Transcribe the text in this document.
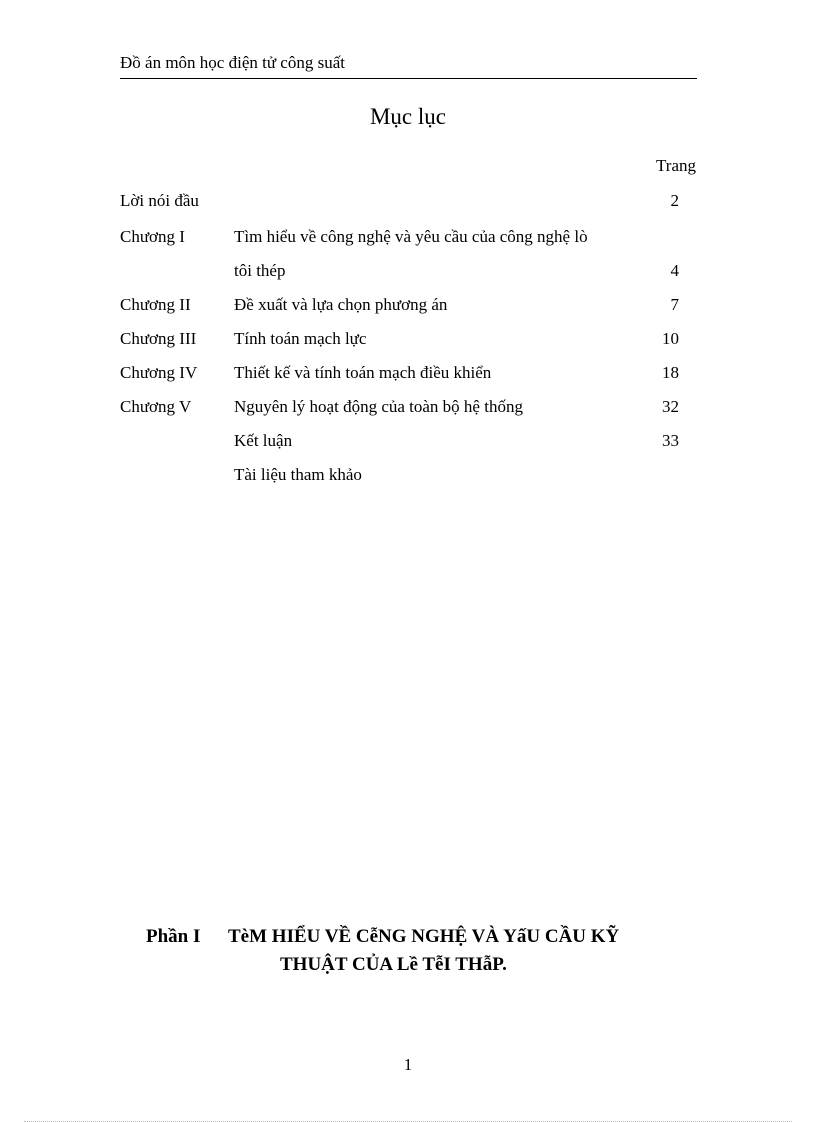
Đồ án môn học điện tử công suất
Mục lục
Trang
Lời nói đầu	2
Chương I	Tìm hiểu về công nghệ và yêu cầu của công nghệ lò
tôi thép	4
Chương II	Đề xuất và lựa chọn phương án	7
Chương III Tính toán mạch lực	10
Chương IV Thiết kế và tính toán mạch điều khiển	18
Chương V	Nguyên lý hoạt động của toàn bộ hệ thống	32
Kết luận	33
Tài liệu tham khảo
Phần I TèM HIỂU VỀ CễNG NGHỆ VÀ YấU CẦU KỸ
THUẬT CỦA Lề TễI THẫP.
1
